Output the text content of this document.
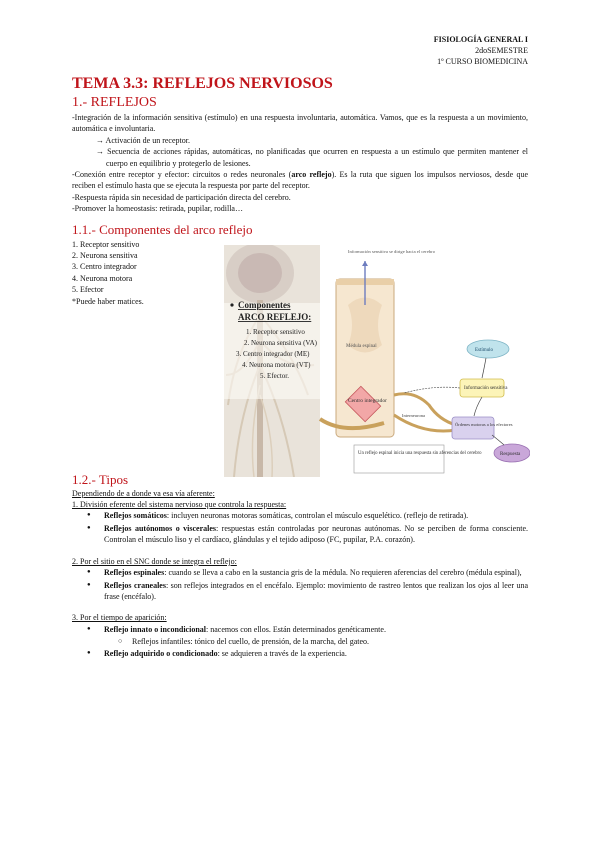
FISIOLOGÍA GENERAL I
2doSEMESTRE
1º CURSO BIOMEDICINA
TEMA 3.3: REFLEJOS NERVIOSOS
1.- REFLEJOS

-Integración de la información sensitiva (estímulo) en una respuesta involuntaria, automática. Vamos, que es la respuesta a un movimiento, automática e involuntaria.

→ Activación de un receptor.

→ Secuencia de acciones rápidas, automáticas, no planificadas que ocurren en respuesta a un estímulo que permiten mantener el cuerpo en equilibrio y protegerlo de lesiones.

-Conexión entre receptor y efector: circuitos o redes neuronales (arco reflejo). Es la ruta que siguen los impulsos nerviosos, desde que reciben el estímulo hasta que se ejecuta la respuesta por parte del receptor.

-Respuesta rápida sin necesidad de participación directa del cerebro.

-Promover la homeostasis: retirada, pupilar, rodilla…

1.1.- Componentes del arco reflejo
1. Receptor sensitivo
2. Neurona sensitiva
3. Centro integrador
4. Neurona motora
5. Efector
*Puede haber matices.	Componentes
ARCO REFLEJO:
1. Receptor sensitivo
2. Neurona sensitiva (VA)
3. Centro integrador (ME)
4. Neurona motora (VT)
5. Efector.
Información sensitiva se dirige hacia el cerebro
Médula espinal
Centro integrador
Interneurona
Un reflejo espinal inicia una respuesta sin aferencias del cerebro
Estímulo
Información sensitiva
Órdenes motoras a los efectores
Respuesta
1.2.- Tipos

Dependiendo de a donde va esa vía aferente:

1. División eferente del sistema nervioso que controla la respuesta:

● Reflejos somáticos: incluyen neuronas motoras somáticas, controlan el músculo esquelético. (reflejo de retirada).
● Reflejos autónomos o viscerales: respuestas están controladas por neuronas autónomas. No se perciben de forma consciente. Controlan el músculo liso y el cardíaco, glándulas y el tejido adiposo (FC, pupilar, P.A. corazón).

2. Por el sitio en el SNC donde se integra el reflejo:

● Reflejos espinales: cuando se lleva a cabo en la sustancia gris de la médula. No requieren aferencias del cerebro (médula espinal),
● Reflejos craneales: son reflejos integrados en el encéfalo. Ejemplo: movimiento de rastreo lentos que realizan los ojos al leer una frase (encéfalo).

3. Por el tiempo de aparición:

● Reflejo innato o incondicional: nacemos con ellos. Están determinados genéticamente.
○ Reflejos infantiles: tónico del cuello, de prensión, de la marcha, del gateo.
● Reflejo adquirido o condicionado: se adquieren a través de la experiencia.
